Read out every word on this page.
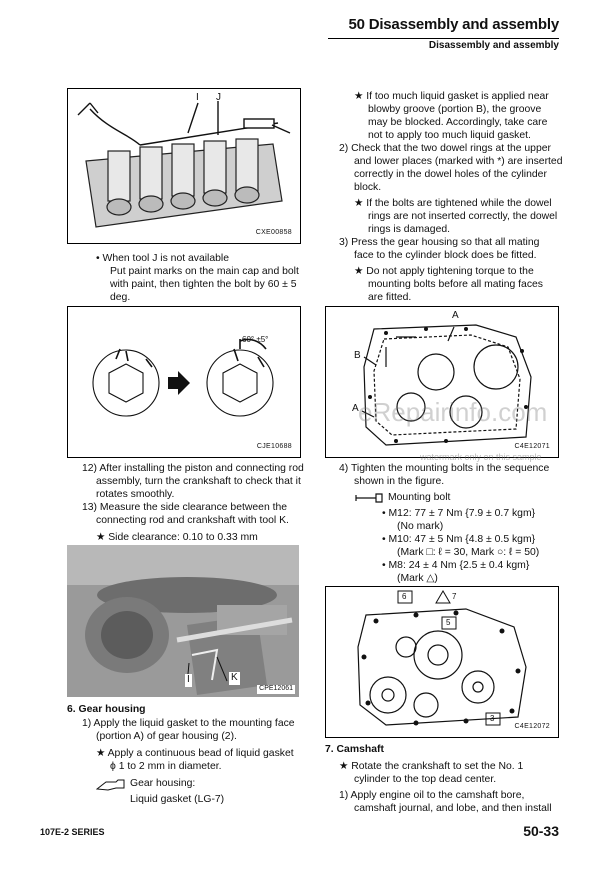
50 Disassembly and assembly
Disassembly and assembly
I J
CXE00858
• When tool J is not available
Put paint marks on the main cap and bolt
with paint, then tighten the bolt by 60 ± 5
deg.
60° ±5°
CJE10688
12) After installing the piston and connecting rod
assembly, turn the crankshaft to check that it
rotates smoothly.
13) Measure the side clearance between the
connecting rod and crankshaft with tool K.
★ Side clearance: 0.10 to 0.33 mm
I	K
CPE12061
6. Gear housing
1) Apply the liquid gasket to the mounting face
(portion A) of gear housing (2).
★ Apply a continuous bead of liquid gasket
ϕ 1 to 2 mm in diameter.
Gear housing:
Liquid gasket (LG-7)
★ If too much liquid gasket is applied near
blowby groove (portion B), the groove
may be blocked. Accordingly, take care
not to apply too much liquid gasket.
2) Check that the two dowel rings at the upper
and lower places (marked with *) are inserted
correctly in the dowel holes of the cylinder
block.
★ If the bolts are tightened while the dowel
rings are not inserted correctly, the dowel
rings is damaged.
3) Press the gear housing so that all mating
face to the cylinder block does be fitted.
★ Do not apply tightening torque to the
mounting bolts before all mating faces
are fitted.
A
B
A
C4E12071
eRepairinfo.com
watermark only on this sample
4) Tighten the mounting bolts in the sequence
shown in the figure.
Mounting bolt
• M12: 77 ± 7 Nm {7.9 ± 0.7 kgm}
(No mark)
• M10: 47 ± 5 Nm {4.8 ± 0.5 kgm}
(Mark □: ℓ = 30, Mark ○: ℓ = 50)
• M8: 24 ± 4 Nm {2.5 ± 0.4 kgm}
(Mark △)
6	7
5
3
C4E12072
7. Camshaft
★ Rotate the crankshaft to set the No. 1
cylinder to the top dead center.
1) Apply engine oil to the camshaft bore,
camshaft journal, and lobe, and then install
107E-2 SERIES	50-33
